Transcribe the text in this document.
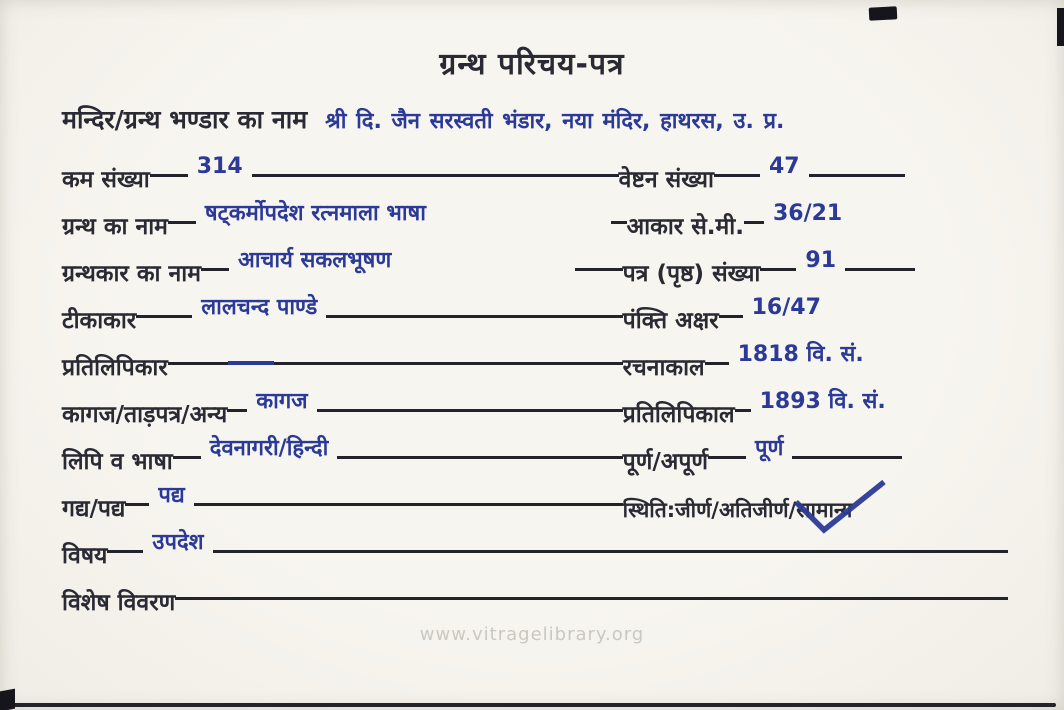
ग्रन्थ परिचय-पत्र
मन्दिर/ग्रन्थ भण्डार का नाम श्री दि. जैन सरस्वती भंडार, नया मंदिर, हाथरस, उ. प्र.
कम संख्या
314
वेष्टन संख्या
47
ग्रन्थ का नाम
षट्कर्मोपदेश रत्नमाला भाषा
आकार से.मी.
36/21
ग्रन्थकार का नाम
आचार्य सकलभूषण
पत्र (पृष्ठ) संख्या
91
टीकाकार
लालचन्द पाण्डे
पंक्ति अक्षर
16/47
प्रतिलिपिकार	रचनाकाल
1818 वि. सं.
कागज/ताड़पत्र/अन्य
कागज
प्रतिलिपिकाल
1893 वि. सं.
लिपि व भाषा
देवनागरी/हिन्दी
पूर्ण/अपूर्ण
पूर्ण
गद्य/पद्य
पद्य
स्थिति:जीर्ण/अतिजीर्ण/ सामान्य
विषय
उपदेश
विशेष विवरण
www.vitragelibrary.org
